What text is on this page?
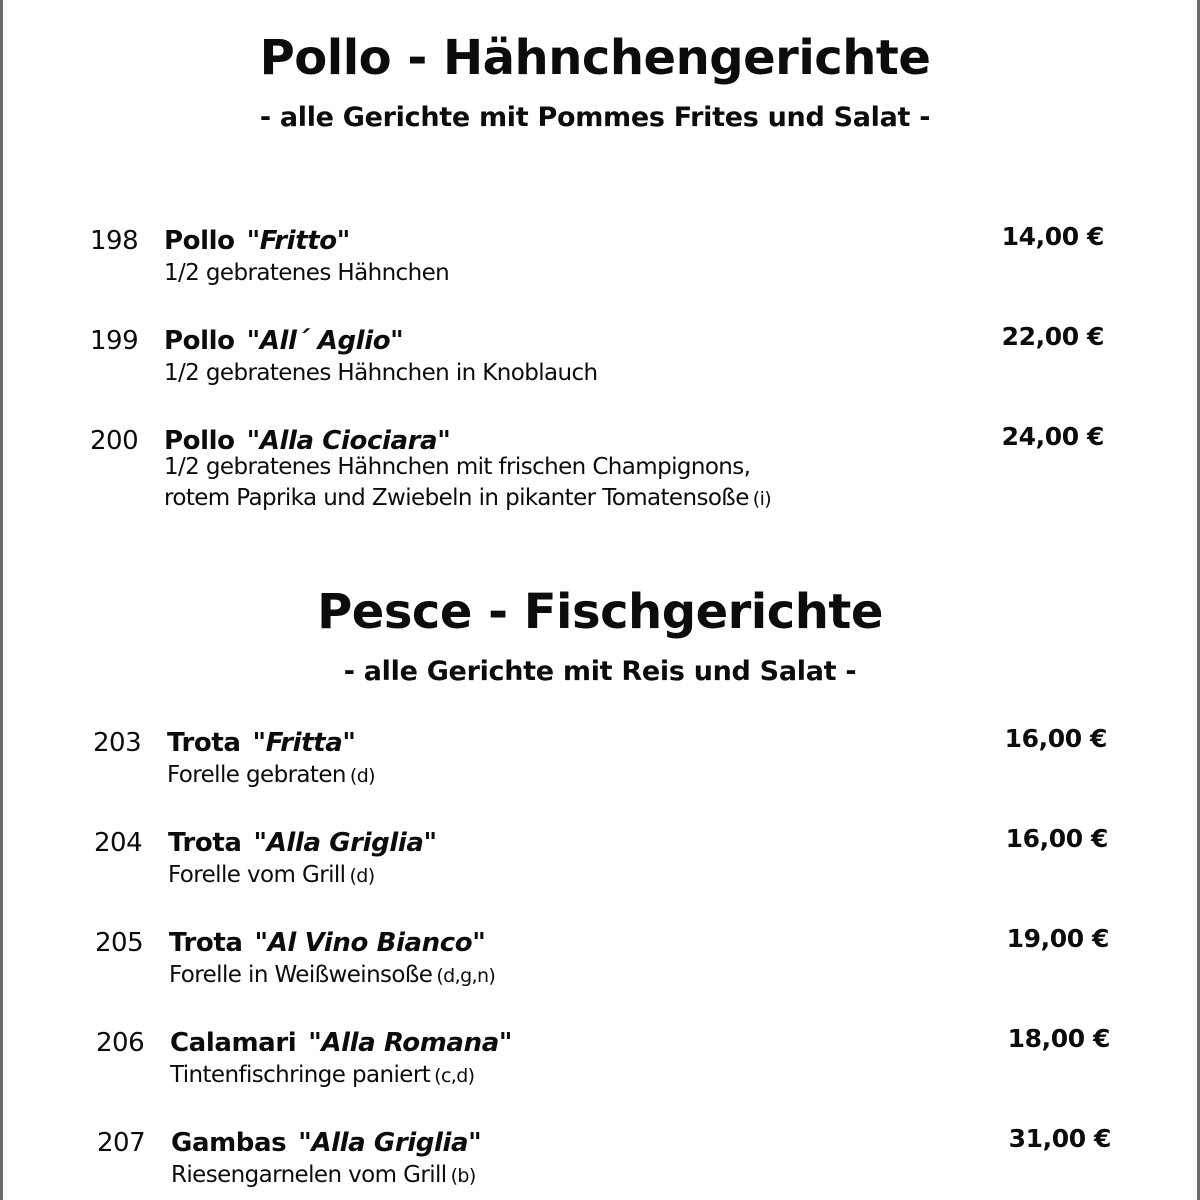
Pollo - Hähnchengerichte
- alle Gerichte mit Pommes Frites und Salat -
198 Pollo "Fritto"
1/2 gebratenes Hähnchen
14,00 €
199 Pollo "All´ Aglio"
1/2 gebratenes Hähnchen in Knoblauch
22,00 €
200 Pollo "Alla Ciociara"
1/2 gebratenes Hähnchen mit frischen Champignons,
rotem Paprika und Zwiebeln in pikanter Tomatensoße (i)
24,00 €
Pesce - Fischgerichte
- alle Gerichte mit Reis und Salat -
203 Trota "Fritta"
Forelle gebraten (d)
16,00 €
204 Trota "Alla Griglia"
Forelle vom Grill (d)
16,00 €
205 Trota "Al Vino Bianco"
Forelle in Weißweinsoße (d,g,n)
19,00 €
206 Calamari "Alla Romana"
Tintenfischringe paniert (c,d)
18,00 €
207 Gambas "Alla Griglia"
Riesengarnelen vom Grill (b)
31,00 €
